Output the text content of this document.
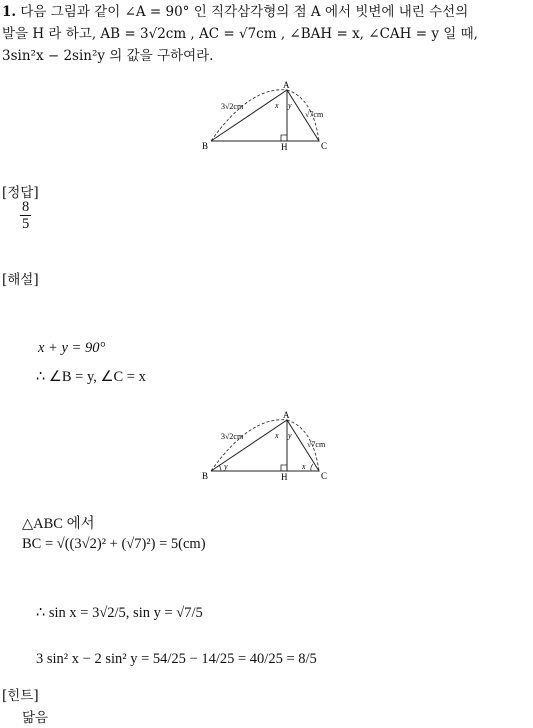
1. 다음 그림과 같이 ∠A = 90° 인 직각삼각형의 점 A 에서 빗변에 내린 수선의
발을 H 라 하고, AB = 3√2cm , AC = √7cm , ∠BAH = x, ∠CAH = y 일 때,
3sin²x − 2sin²y 의 값을 구하여라.
A
B	C
H
3√2cm
√7cm
x y
[정답]
$\frac{8}{5}$
[해설]
x + y = 90°
∴ ∠B = y, ∠C = x
A
B	C
H
3√2cm
√7cm
x y
y	x
△ABC 에서
BC = √((3√2)² + (√7)²) = 5(cm)
∴ sin x = 3√2/5, sin y = √7/5
3 sin² x − 2 sin² y = 54/25 − 14/25 = 40/25 = 8/5
[힌트]
닮음
